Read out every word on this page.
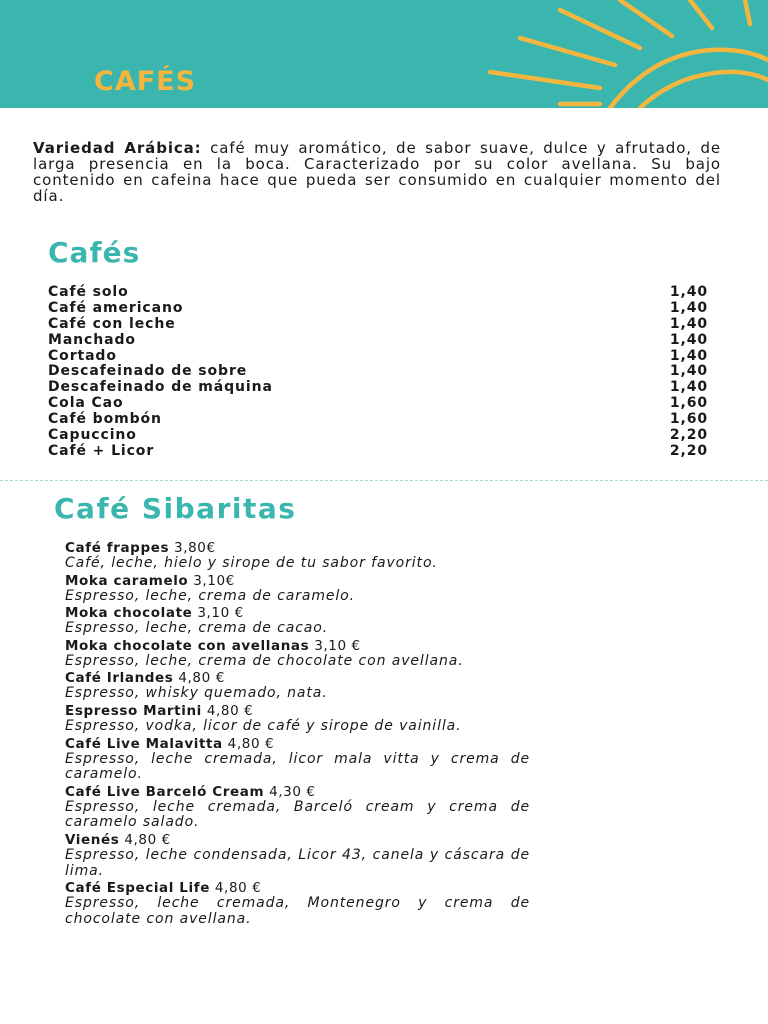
CAFÉS

Variedad Arábica: café muy aromático, de sabor suave, dulce y afrutado, de larga presencia en la boca. Caracterizado por su color avellana. Su bajo contenido en cafeina hace que pueda ser consumido en cualquier momento del día.

Cafés
Café solo	1,40
Café americano	1,40
Café con leche	1,40
Manchado	1,40
Cortado	1,40
Descafeinado de sobre	1,40
Descafeinado de máquina	1,40
Cola Cao	1,60
Café bombón	1,60
Capuccino	2,20
Café + Licor	2,20
Café Sibaritas
Café frappes 3,80€
Café, leche, hielo y sirope de tu sabor favorito.
Moka caramelo 3,10€
Espresso, leche, crema de caramelo.
Moka chocolate 3,10 €
Espresso, leche, crema de cacao.
Moka chocolate con avellanas 3,10 €
Espresso, leche, crema de chocolate con avellana.
Café Irlandes 4,80 €
Espresso, whisky quemado, nata.
Espresso Martini 4,80 €
Espresso, vodka, licor de café y sirope de vainilla.
Café Live Malavitta 4,80 €
Espresso, leche cremada, licor mala vitta y crema de caramelo.
Café Live Barceló Cream 4,30 €
Espresso, leche cremada, Barceló cream y crema de caramelo salado.
Vienés 4,80 €
Espresso, leche condensada, Licor 43, canela y cáscara de lima.
Café Especial Life 4,80 €
Espresso, leche cremada, Montenegro y crema de chocolate con avellana.
